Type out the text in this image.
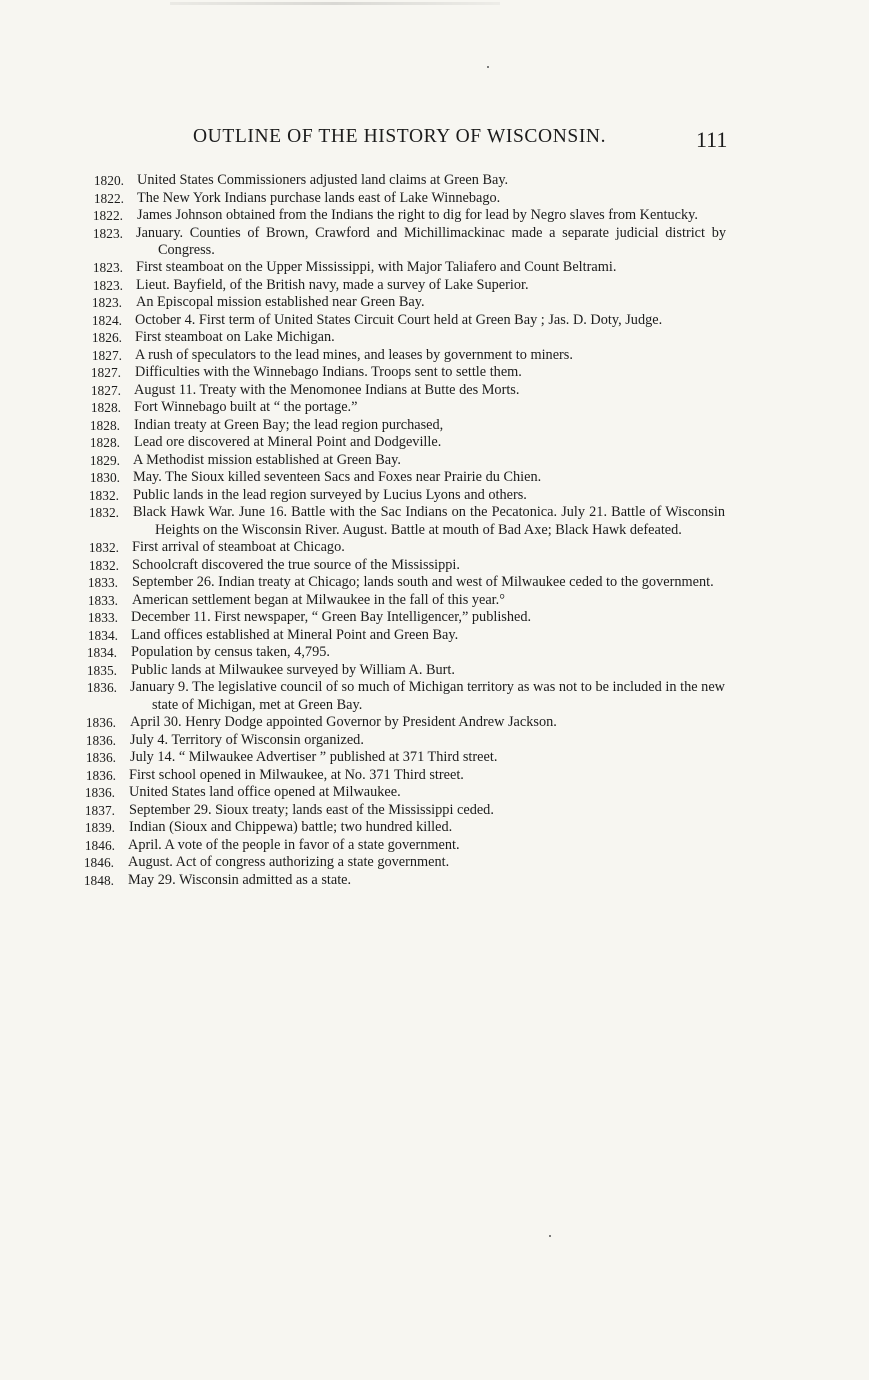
OUTLINE OF THE HISTORY OF WISCONSIN.	111
1820. United States Commissioners adjusted land claims at Green Bay.
1822. The New York Indians purchase lands east of Lake Winnebago.
1822. James Johnson obtained from the Indians the right to dig for lead by Negro slaves from Kentucky.
1823. January. Counties of Brown, Crawford and Michillimackinac made a separate judicial district by Congress.
1823. First steamboat on the Upper Mississippi, with Major Taliafero and Count Beltrami.
1823. Lieut. Bayfield, of the British navy, made a survey of Lake Superior.
1823. An Episcopal mission established near Green Bay.
1824. October 4. First term of United States Circuit Court held at Green Bay ; Jas. D. Doty, Judge.
1826. First steamboat on Lake Michigan.
1827. A rush of speculators to the lead mines, and leases by government to miners.
1827. Difficulties with the Winnebago Indians. Troops sent to settle them.
1827. August 11. Treaty with the Menomonee Indians at Butte des Morts.
1828. Fort Winnebago built at “ the portage.”
1828. Indian treaty at Green Bay; the lead region purchased,
1828. Lead ore discovered at Mineral Point and Dodgeville.
1829. A Methodist mission established at Green Bay.
1830. May. The Sioux killed seventeen Sacs and Foxes near Prairie du Chien.
1832. Public lands in the lead region surveyed by Lucius Lyons and others.
1832. Black Hawk War. June 16. Battle with the Sac Indians on the Pecatonica. July 21. Battle of Wisconsin Heights on the Wisconsin River. August. Battle at mouth of Bad Axe; Black Hawk defeated.
1832. First arrival of steamboat at Chicago.
1832. Schoolcraft discovered the true source of the Mississippi.
1833. September 26. Indian treaty at Chicago; lands south and west of Milwaukee ceded to the government.
1833. American settlement began at Milwaukee in the fall of this year.°
1833. December 11. First newspaper, “ Green Bay Intelligencer,” published.
1834. Land offices established at Mineral Point and Green Bay.
1834. Population by census taken, 4,795.
1835. Public lands at Milwaukee surveyed by William A. Burt.
1836. January 9. The legislative council of so much of Michigan territory as was not to be included in the new state of Michigan, met at Green Bay.
1836. April 30. Henry Dodge appointed Governor by President Andrew Jackson.
1836. July 4. Territory of Wisconsin organized.
1836. July 14. “ Milwaukee Advertiser ” published at 371 Third street.
1836. First school opened in Milwaukee, at No. 371 Third street.
1836. United States land office opened at Milwaukee.
1837. September 29. Sioux treaty; lands east of the Mississippi ceded.
1839. Indian (Sioux and Chippewa) battle; two hundred killed.
1846. April. A vote of the people in favor of a state government.
1846. August. Act of congress authorizing a state government.
1848. May 29. Wisconsin admitted as a state.
